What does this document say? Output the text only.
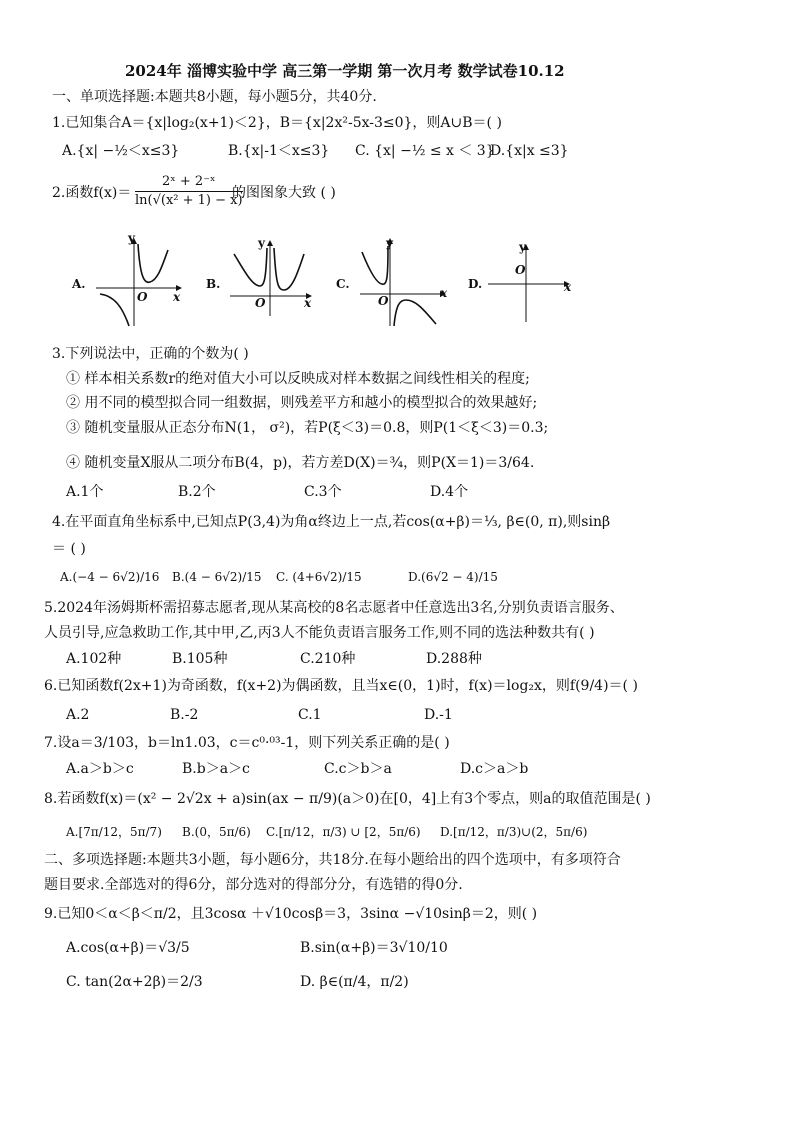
2024年 淄博实验中学 高三第一学期 第一次月考 数学试卷10.12
一、单项选择题:本题共8小题，每小题5分，共40分.
1.已知集合A＝{x|log₂(x+1)＜2}，B＝{x|2x²-5x-3≤0}，则A∪B＝( )
A.{x| −½＜x≤3}	B.{x|-1＜x≤3} C. {x| −½ ≤ x ＜ 3}
D.{x|x ≤3}
2.函数$f(x)= \frac{\text{2ˣ + 2⁻ˣ}}{\text{ln(√(x² + 1) − x)}}$
的图图象大致 ( )
A.
y
O x
B.
y
O	x
C.
y
O
x
D.
y
O
x
3.下列说法中，正确的个数为( )
① 样本相关系数r的绝对值大小可以反映成对样本数据之间线性相关的程度;
② 用不同的模型拟合同一组数据，则残差平方和越小的模型拟合的效果越好;
③ 随机变量服从正态分布N(1， σ²)，若P(ξ＜3)＝0.8，则P(1＜ξ＜3)＝0.3;
④ 随机变量X服从二项分布B(4，p)，若方差D(X)＝¾，则P(X＝1)＝3/64.
A.1个	B.2个	C.3个	D.4个
4.在平面直角坐标系中,已知点P(3,4)为角α终边上一点,若cos(α+β)＝⅓, β∈(0, π),则sinβ
＝ ( )
A.(−4 − 6√2)/16 B.(4 − 6√2)/15 C. (4+6√2)/15	D.(6√2 − 4)/15
5.2024年汤姆斯杯需招募志愿者,现从某高校的8名志愿者中任意选出3名,分别负责语言服务、
人员引导,应急救助工作,其中甲,乙,丙3人不能负责语言服务工作,则不同的选法种数共有( )
A.102种	B.105种	C.210种	D.288种
6.已知函数f(2x+1)为奇函数，f(x+2)为偶函数，且当x∈(0，1)时，f(x)＝log₂x，则f(9/4)＝( )
A.2	B.-2	C.1	D.-1
7.设a＝3/103，b＝ln1.03，c＝c⁰·⁰³-1，则下列关系正确的是( )
A.a＞b＞c	B.b＞a＞c	C.c＞b＞a	D.c＞a＞b
8.若函数f(x)＝(x² − 2√2x + a)sin(ax − π/9)(a＞0)在[0，4]上有3个零点，则a的取值范围是( )
A.[7π/12，5π/7) B.(0，5π/6) C.[π/12，π/3) ∪ [2，5π/6) D.[π/12，π/3)∪(2，5π/6)
二、多项选择题:本题共3小题，每小题6分，共18分.在每小题给出的四个选项中，有多项符合
题目要求.全部选对的得6分，部分选对的得部分分，有选错的得0分.
9.已知0＜α＜β＜π/2，且3cosα ＋√10cosβ＝3，3sinα −√10sinβ＝2，则( )
A.cos(α+β)＝√3/5	B.sin(α+β)＝3√10/10
C. tan(2α+2β)＝2/3	D. β∈(π/4，π/2)
